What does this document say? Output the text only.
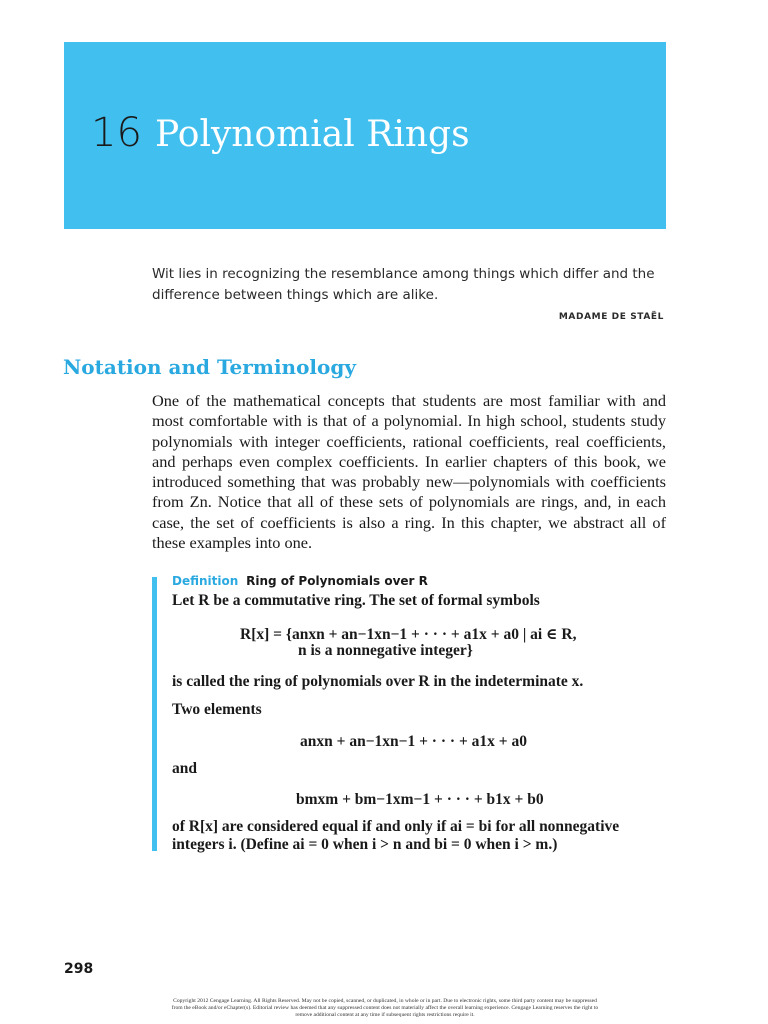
16 Polynomial Rings
Wit lies in recognizing the resemblance among things which differ and the difference between things which are alike.
MADAME DE STAËL
Notation and Terminology
One of the mathematical concepts that students are most familiar with and most comfortable with is that of a polynomial. In high school, students study polynomials with integer coefficients, rational coefficients, real coefficients, and perhaps even complex coefficients. In earlier chapters of this book, we introduced something that was probably new—polynomials with coefficients from Zn. Notice that all of these sets of polynomials are rings, and, in each case, the set of coefficients is also a ring. In this chapter, we abstract all of these examples into one.
Definition Ring of Polynomials over R
Let R be a commutative ring. The set of formal symbols
R[x] = {anxn + an−1xn−1 + · · · + a1x + a0 | ai ∈ R,
n is a nonnegative integer}
is called the ring of polynomials over R in the indeterminate x.
Two elements
anxn + an−1xn−1 + · · · + a1x + a0
and
bmxm + bm−1xm−1 + · · · + b1x + b0
of R[x] are considered equal if and only if ai = bi for all nonnegative
integers i. (Define ai = 0 when i > n and bi = 0 when i > m.)
298
Copyright 2012 Cengage Learning. All Rights Reserved. May not be copied, scanned, or duplicated, in whole or in part. Due to electronic rights, some third party content may be suppressed from the eBook and/or eChapter(s). Editorial review has deemed that any suppressed content does not materially affect the overall learning experience. Cengage Learning reserves the right to remove additional content at any time if subsequent rights restrictions require it.
